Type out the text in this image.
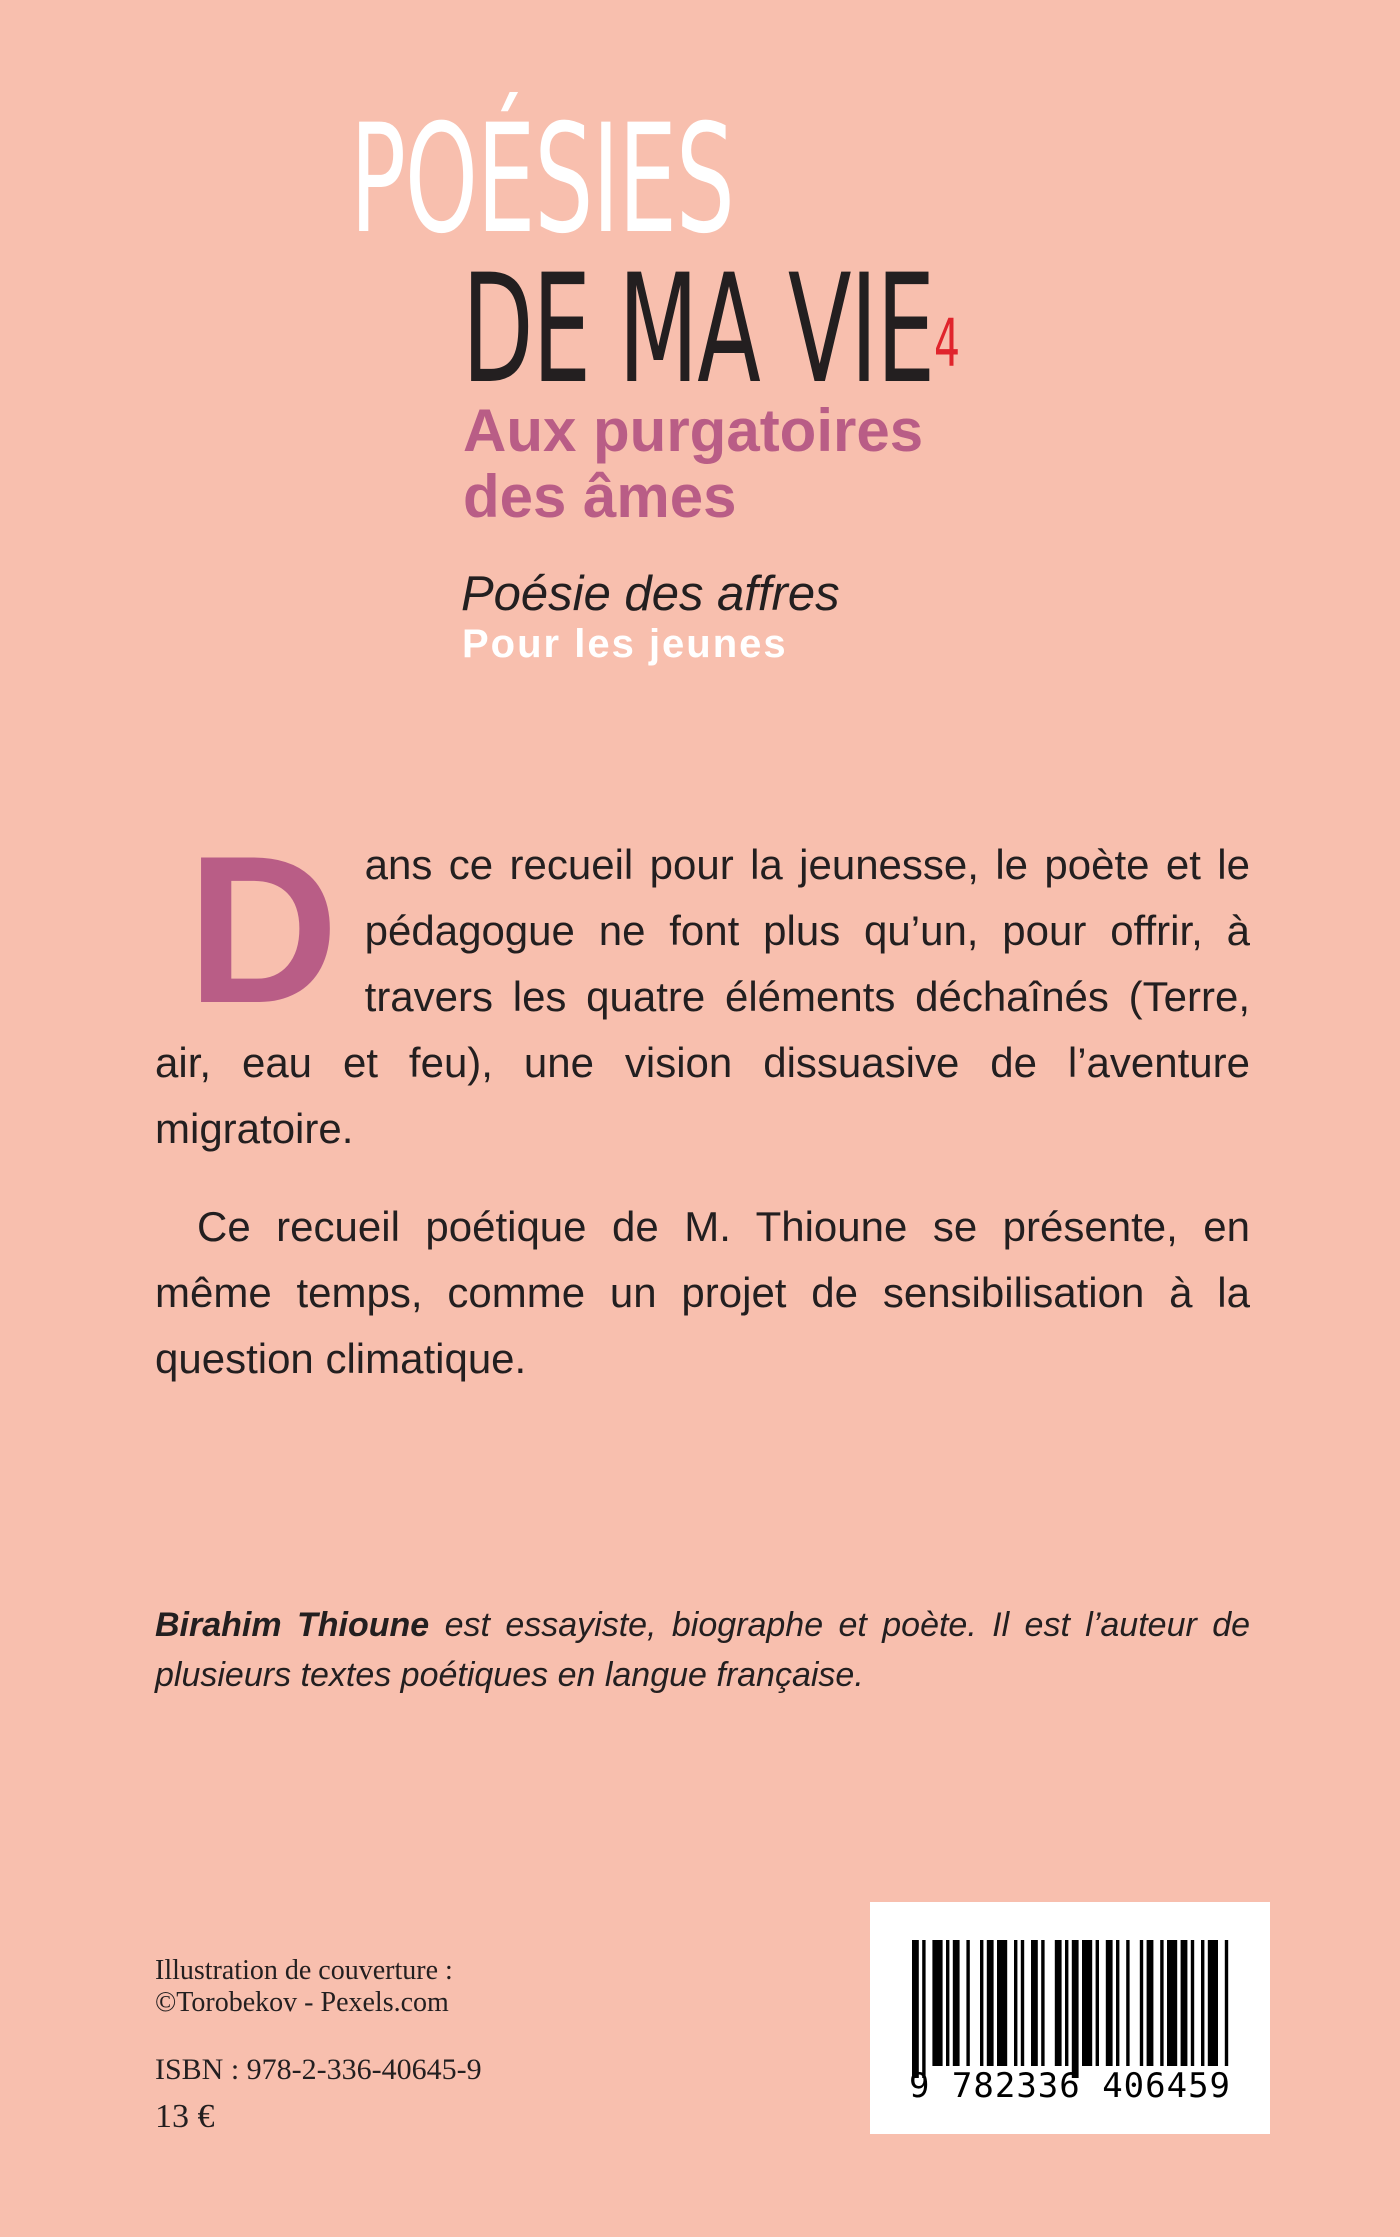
POÉSIES
DE MA VIE$^4$
Aux purgatoires
des âmes
Poésie des affres
Pour les jeunes
Dans ce recueil pour la jeunesse, le poète et le pédagogue ne font plus qu’un, pour offrir, à travers les quatre éléments déchaînés (Terre, air, eau et feu), une vision dissuasive de l’aventure migratoire.
Ce recueil poétique de M. Thioune se présente, en même temps, comme un projet de sensibilisation à la question climatique.
Birahim Thioune est essayiste, biographe et poète. Il est l’auteur de plusieurs textes poétiques en langue française.
Illustration de couverture :
©Torobekov - Pexels.com
ISBN : 978-2-336-40645-9
13 €
9 782336 406459
